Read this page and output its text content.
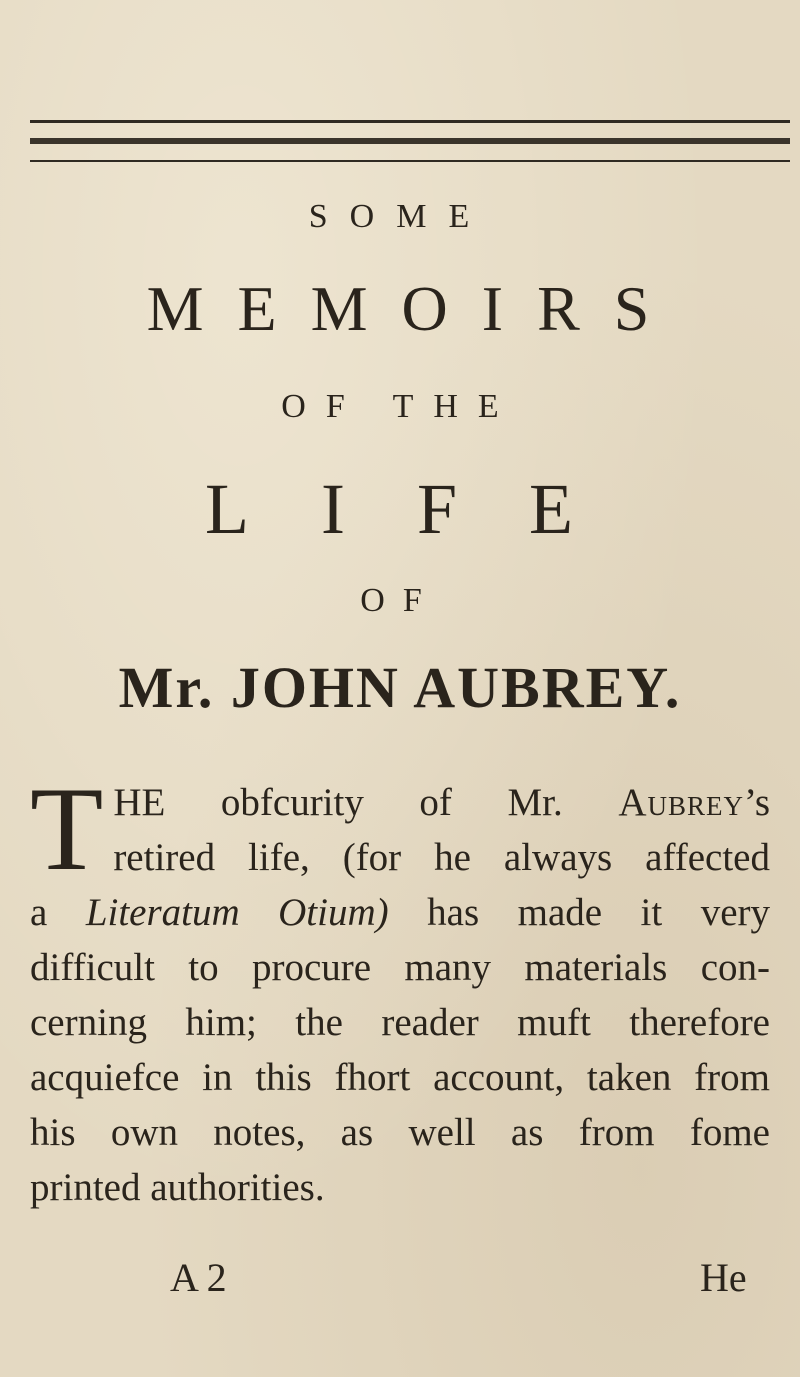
SOME
MEMOIRS
OF THE
LIFE
OF
Mr. JOHN AUBREY.
T HE obfcurity of Mr. Aubrey’s
retired life, (for he always affected
a Literatum Otium) has made it very
difficult to procure many materials con-
cerning him; the reader muft therefore
acquiefce in this fhort account, taken from
his own notes, as well as from fome
printed authorities.
A 2	He
